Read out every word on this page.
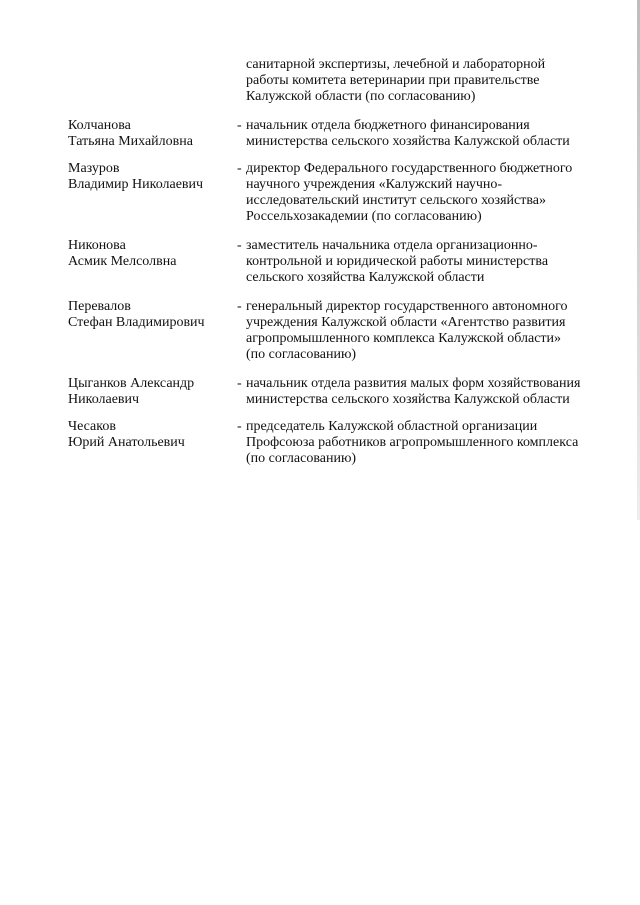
санитарной экспертизы, лечебной и лабораторной
работы комитета ветеринарии при правительстве
Калужской области (по согласованию)
Колчанова
Татьяна Михайловна
- начальник отдела бюджетного финансирования
министерства сельского хозяйства Калужской области
Мазуров
Владимир Николаевич
- директор Федерального государственного бюджетного
научного учреждения «Калужский научно-
исследовательский институт сельского хозяйства»
Россельхозакадемии (по согласованию)
Никонова
Асмик Мелсолвна
- заместитель начальника отдела организационно-
контрольной и юридической работы министерства
сельского хозяйства Калужской области
Перевалов
Стефан Владимирович
- генеральный директор государственного автономного
учреждения Калужской области «Агентство развития
агропромышленного комплекса Калужской области»
(по согласованию)
Цыганков Александр
Николаевич
- начальник отдела развития малых форм хозяйствования
министерства сельского хозяйства Калужской области
Чесаков
Юрий Анатольевич
- председатель Калужской областной организации
Профсоюза работников агропромышленного комплекса
(по согласованию)
